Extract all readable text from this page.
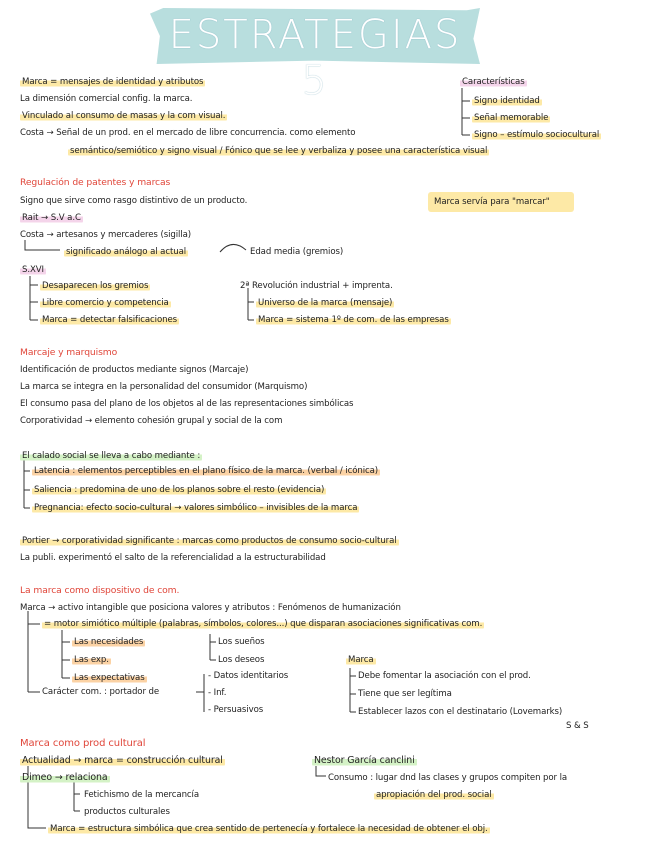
ESTRATEGIAS 5
Marca = mensajes de identidad y atributos
La dimensión comercial config. la marca.
Vinculado al consumo de masas y la com visual.
Costa → Señal de un prod. en el mercado de libre concurrencia. como elemento
semántico/semiótico y signo visual / Fónico que se lee y verbaliza y posee una característica visual
Características
Signo identidad
Señal memorable
Signo – estímulo sociocultural
Regulación de patentes y marcas
Signo que sirve como rasgo distintivo de un producto.	Marca servía para "marcar"
Rait → S.V a.C
Costa → artesanos y mercaderes (sigilla)
significado análogo al actual	Edad media (gremios)
S.XVI
Desaparecen los gremios
Libre comercio y competencia
Marca = detectar falsificaciones
2ª Revolución industrial + imprenta.
Universo de la marca (mensaje)
Marca = sistema 1º de com. de las empresas
Marcaje y marquismo
Identificación de productos mediante signos (Marcaje)
La marca se integra en la personalidad del consumidor (Marquismo)
El consumo pasa del plano de los objetos al de las representaciones simbólicas
Corporatividad → elemento cohesión grupal y social de la com
El calado social se lleva a cabo mediante :
Latencia : elementos perceptibles en el plano físico de la marca. (verbal / icónica)
Saliencia : predomina de uno de los planos sobre el resto (evidencia)
Pregnancia: efecto socio-cultural → valores simbólico – invisibles de la marca
Portier → corporatividad significante : marcas como productos de consumo socio-cultural
La publi. experimentó el salto de la referencialidad a la estructurabilidad
La marca como dispositivo de com.
Marca → activo intangible que posiciona valores y atributos : Fenómenos de humanización
= motor simiótico múltiple (palabras, símbolos, colores...) que disparan asociaciones significativas com.
Las necesidades
Las exp.
Las expectativas
Los sueños
Los deseos
Carácter com. : portador de
- Datos identitarios
- Inf.
- Persuasivos
Marca
Debe fomentar la asociación con el prod.
Tiene que ser legítima
Establecer lazos con el destinatario (Lovemarks)
S & S
Marca como prod cultural
Actualidad → marca = construcción cultural
Dimeo → relaciona
Fetichismo de la mercancía
productos culturales
Marca = estructura simbólica que crea sentido de pertenecía y fortalece la necesidad de obtener el obj.
Nestor García canclini
Consumo : lugar dnd las clases y grupos compiten por la
apropiación del prod. social
